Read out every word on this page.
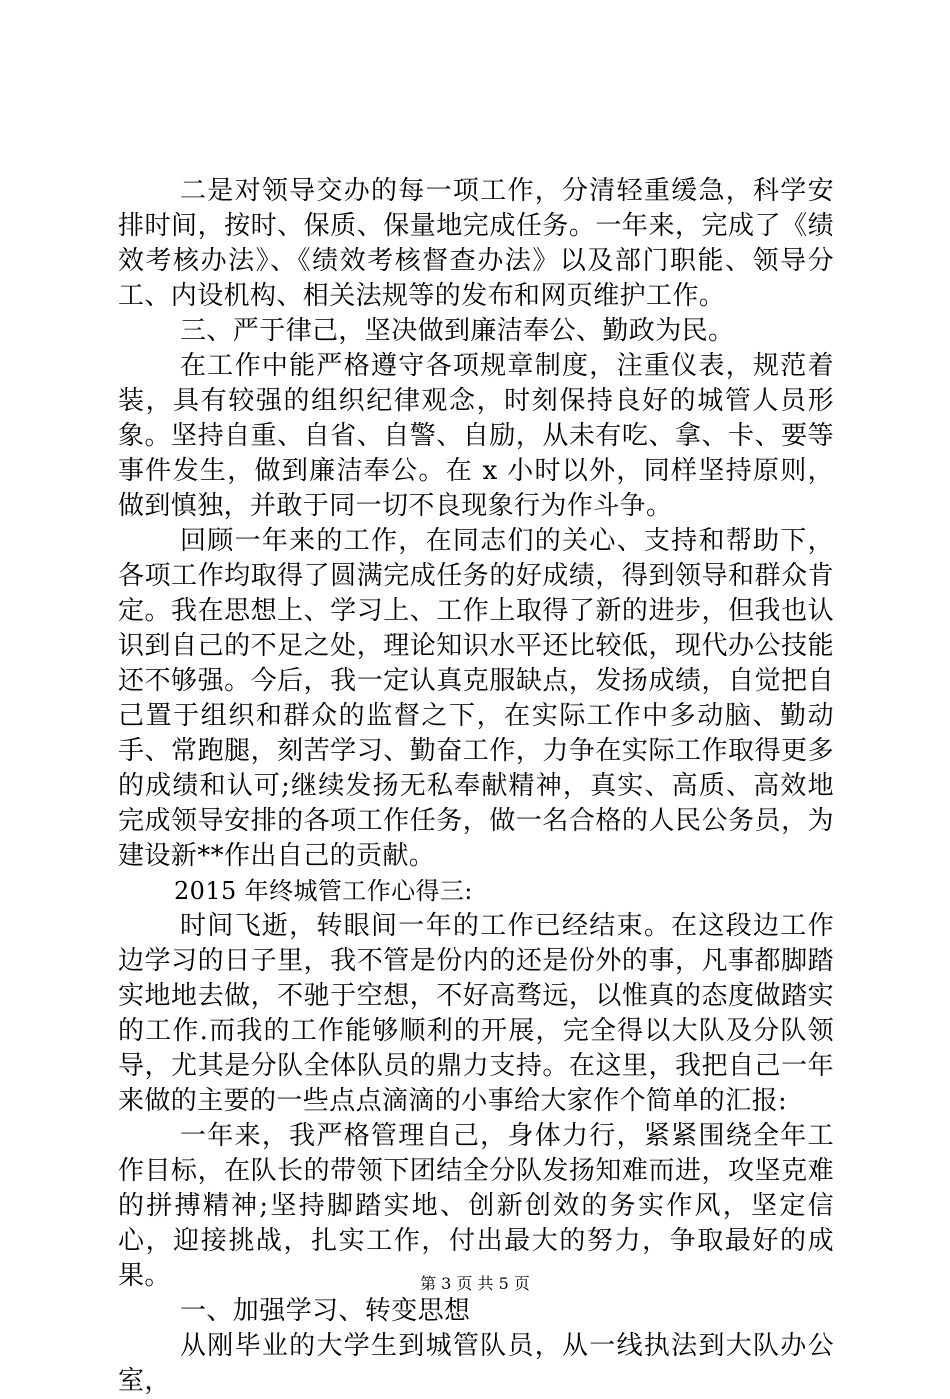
二是对领导交办的每一项工作，分清轻重缓急，科学安排时间，按时、保质、保量地完成任务。一年来，完成了《绩效考核办法》、《绩效考核督查办法》以及部门职能、领导分工、内设机构、相关法规等的发布和网页维护工作。

三、严于律己，坚决做到廉洁奉公、勤政为民。

在工作中能严格遵守各项规章制度，注重仪表，规范着装，具有较强的组织纪律观念，时刻保持良好的城管人员形象。坚持自重、自省、自警、自励，从未有吃、拿、卡、要等事件发生，做到廉洁奉公。在 x 小时以外，同样坚持原则，做到慎独，并敢于同一切不良现象行为作斗争。

回顾一年来的工作，在同志们的关心、支持和帮助下，各项工作均取得了圆满完成任务的好成绩，得到领导和群众肯定。我在思想上、学习上、工作上取得了新的进步，但我也认识到自己的不足之处，理论知识水平还比较低，现代办公技能还不够强。今后，我一定认真克服缺点，发扬成绩，自觉把自己置于组织和群众的监督之下，在实际工作中多动脑、勤动手、常跑腿，刻苦学习、勤奋工作，力争在实际工作取得更多的成绩和认可;继续发扬无私奉献精神，真实、高质、高效地完成领导安排的各项工作任务，做一名合格的人民公务员，为建设新**作出自己的贡献。

2015 年终城管工作心得三:

时间飞逝，转眼间一年的工作已经结束。在这段边工作边学习的日子里，我不管是份内的还是份外的事，凡事都脚踏实地地去做，不驰于空想，不好高骛远，以惟真的态度做踏实的工作.而我的工作能够顺利的开展，完全得以大队及分队领导，尤其是分队全体队员的鼎力支持。在这里，我把自己一年来做的主要的一些点点滴滴的小事给大家作个简单的汇报:

一年来，我严格管理自己，身体力行，紧紧围绕全年工作目标，在队长的带领下团结全分队发扬知难而进，攻坚克难的拼搏精神;坚持脚踏实地、创新创效的务实作风，坚定信心，迎接挑战，扎实工作，付出最大的努力，争取最好的成果。

一、加强学习、转变思想

从刚毕业的大学生到城管队员，从一线执法到大队办公室，

第 3 页 共 5 页
